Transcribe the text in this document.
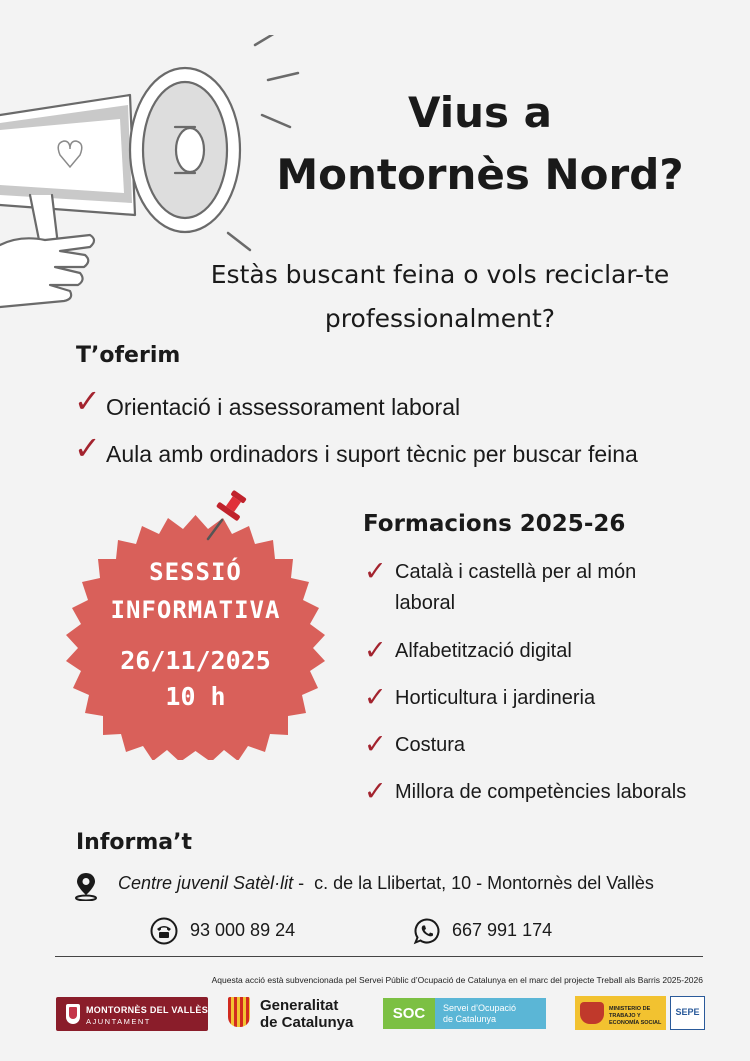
Vius a
Montornès Nord?
Estàs buscant feina o vols reciclar-te
professionalment?
T’oferim
✓ Orientació i assessorament laboral
✓ Aula amb ordinadors i suport tècnic per buscar feina
SESSIÓ
INFORMATIVA
26/11/2025
10 h
Formacions 2025-26
✓ Català i castellà per al món laboral
✓ Alfabetització digital
✓ Horticultura i jardineria
✓ Costura
✓ Millora de competències laborals
Informa’t
Centre juvenil Satèl·lit -  c. de la Llibertat, 10 - Montornès del Vallès
93 000 89 24	667 991 174
Aquesta acció està subvencionada pel Servei Públic d’Ocupació de Catalunya en el marc del projecte Treball als Barris 2025-2026
MONTORNÈS DEL VALLÈS
AJUNTAMENT
Generalitat
de Catalunya
SOC	Servei d’Ocupació
de Catalunya
MINISTERIO DE TRABAJO Y ECONOMÍA SOCIAL
SEPE
